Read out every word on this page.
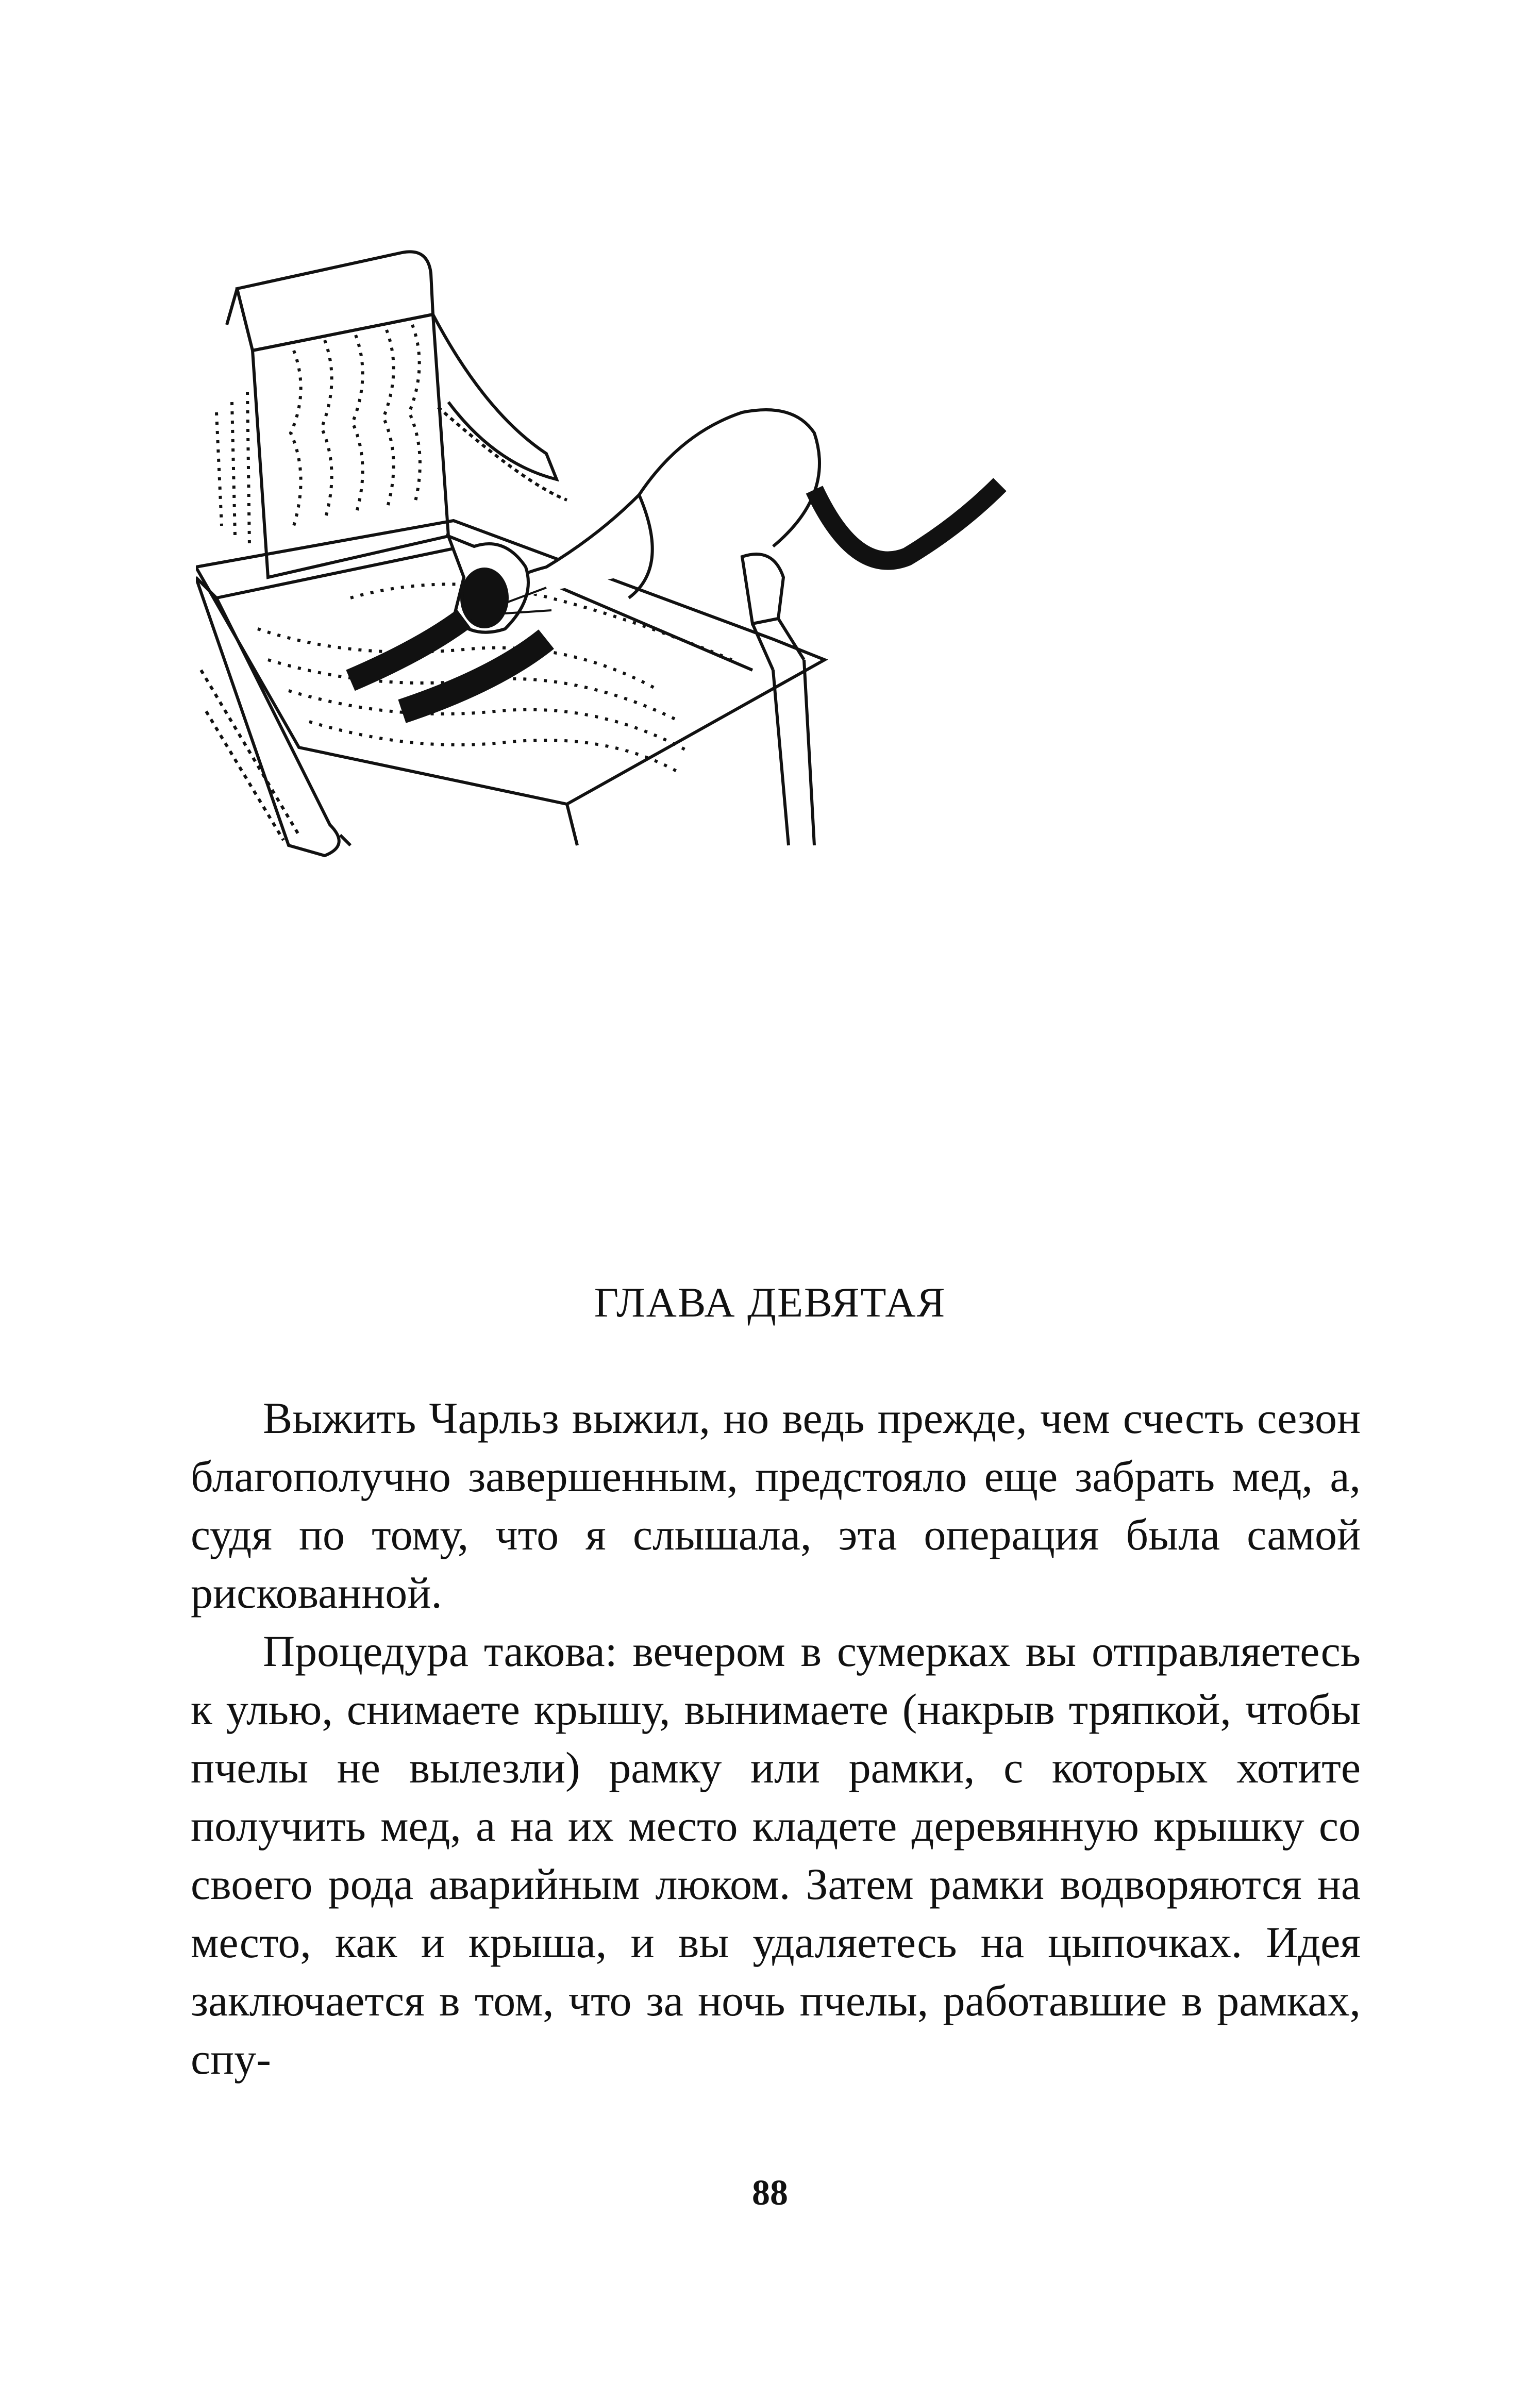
ГЛАВА ДЕВЯТАЯ

Выжить Чарльз выжил, но ведь прежде, чем счесть сезон благополучно завершенным, предстояло еще забрать мед, а, судя по тому, что я слышала, эта операция была самой рискованной.

Процедура такова: вечером в сумерках вы отправляетесь к улью, снимаете крышу, вынимаете (накрыв тряпкой, чтобы пчелы не вылезли) рамку или рамки, с которых хотите получить мед, а на их место кладете деревянную крышку со своего рода аварийным люком. Затем рамки водворяются на место, как и крыша, и вы удаляетесь на цыпочках. Идея заключается в том, что за ночь пчелы, работавшие в рамках, спу-

88
